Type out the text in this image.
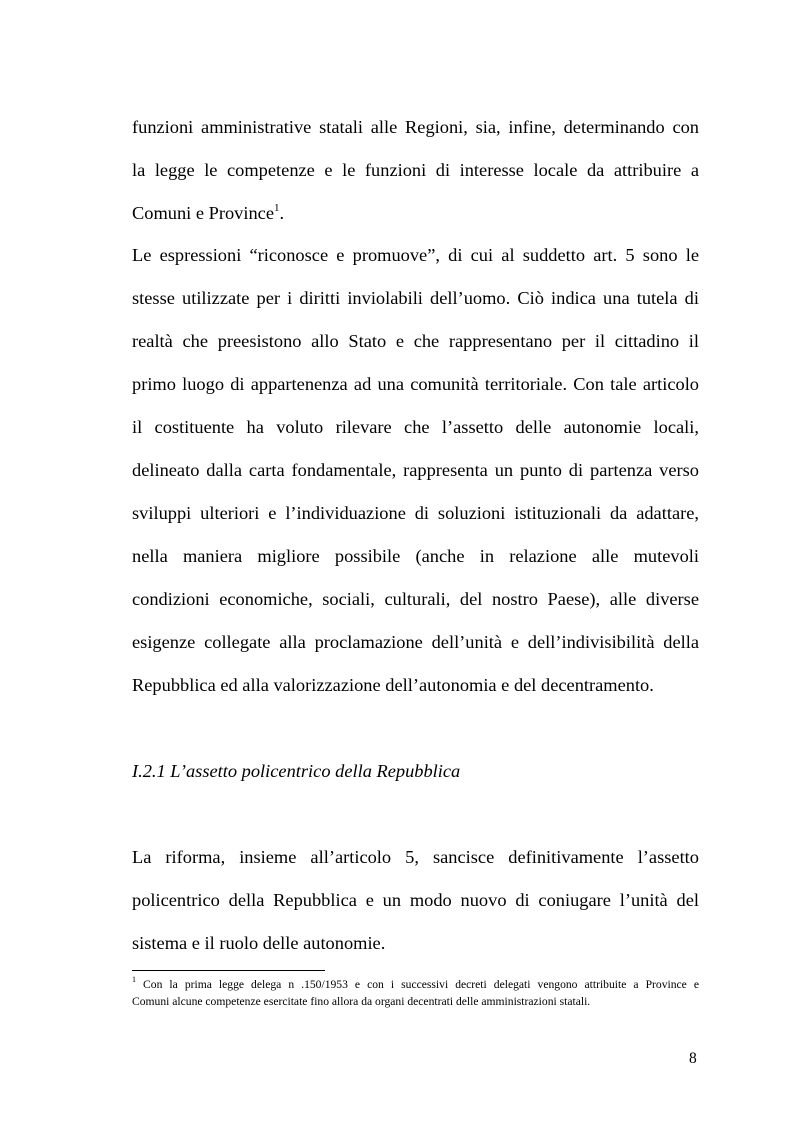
funzioni amministrative statali alle Regioni, sia, infine, determinando con
la legge le competenze e le funzioni di interesse locale da attribuire a
Comuni e Province$^1$.
Le espressioni “riconosce e promuove”, di cui al suddetto art. 5 sono le
stesse utilizzate per i diritti inviolabili dell’uomo. Ciò indica una tutela di
realtà che preesistono allo Stato e che rappresentano per il cittadino il
primo luogo di appartenenza ad una comunità territoriale. Con tale articolo
il costituente ha voluto rilevare che l’assetto delle autonomie locali,
delineato dalla carta fondamentale, rappresenta un punto di partenza verso
sviluppi ulteriori e l’individuazione di soluzioni istituzionali da adattare,
nella maniera migliore possibile (anche in relazione alle mutevoli
condizioni economiche, sociali, culturali, del nostro Paese), alle diverse
esigenze collegate alla proclamazione dell’unità e dell’indivisibilità della
Repubblica ed alla valorizzazione dell’autonomia e del decentramento.
I.2.1 L’assetto policentrico della Repubblica
La riforma, insieme all’articolo 5, sancisce definitivamente l’assetto
policentrico della Repubblica e un modo nuovo di coniugare l’unità del
sistema e il ruolo delle autonomie.
$^1$ Con la prima legge delega n .150/1953 e con i successivi decreti delegati vengono attribuite a Province e
Comuni alcune competenze esercitate fino allora da organi decentrati delle amministrazioni statali.
8
